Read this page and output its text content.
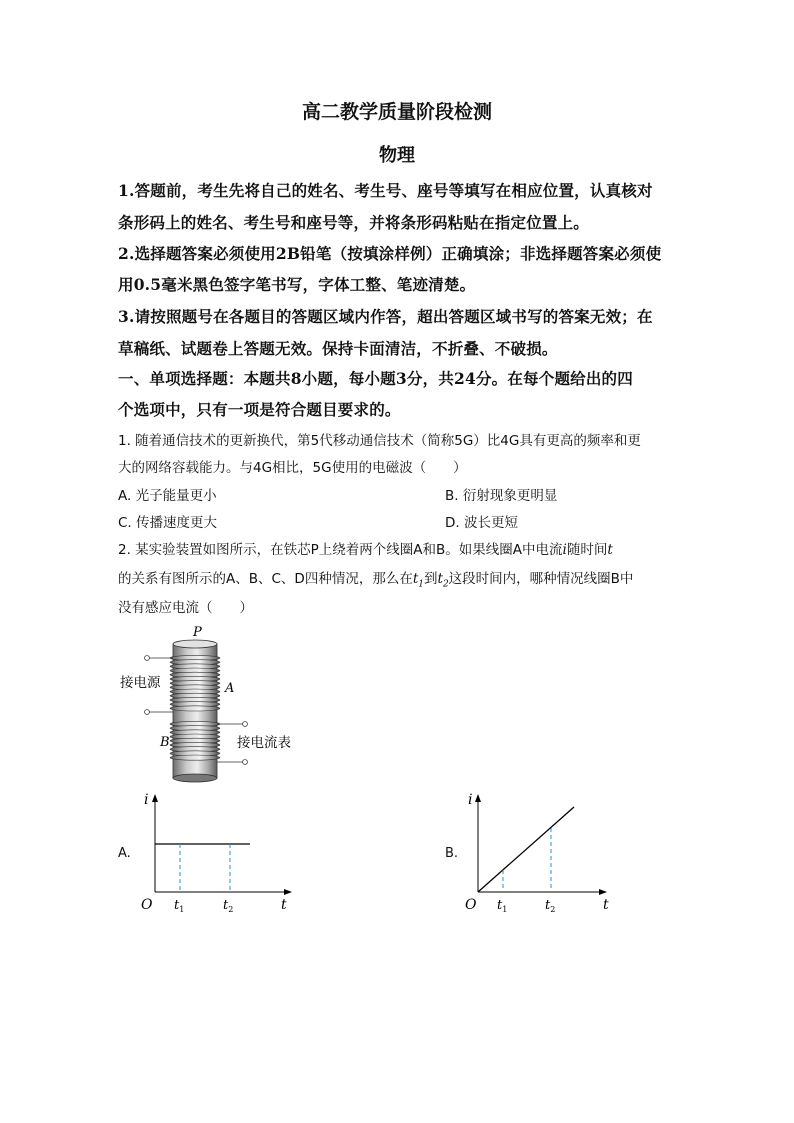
高二教学质量阶段检测
物理
1.答题前，考生先将自己的姓名、考生号、座号等填写在相应位置，认真核对
条形码上的姓名、考生号和座号等，并将条形码粘贴在指定位置上。
2.选择题答案必须使用2B铅笔（按填涂样例）正确填涂；非选择题答案必须使
用0.5毫米黑色签字笔书写，字体工整、笔迹清楚。
3.请按照题号在各题目的答题区域内作答，超出答题区域书写的答案无效；在
草稿纸、试题卷上答题无效。保持卡面清洁，不折叠、不破损。
一、单项选择题：本题共8小题，每小题3分，共24分。在每个题给出的四
个选项中，只有一项是符合题目要求的。
1. 随着通信技术的更新换代，第5代移动通信技术（简称5G）比4G具有更高的频率和更
大的网络容载能力。与4G相比，5G使用的电磁波（　　）
A. 光子能量更小	B. 衍射现象更明显
C. 传播速度更大	D. 波长更短
2. 某实验装置如图所示，在铁芯P上绕着两个线圈A和B。如果线圈A中电流i随时间t
的关系有图所示的A、B、C、D四种情况，那么在$t_1$到$t_2$这段时间内，哪种情况线圈B中
没有感应电流（　　）
P
A
B
接电源
接电流表
A.
i
O $t_1$	$t_2$	t
B.
i
O $t_1$	$t_2$	t
